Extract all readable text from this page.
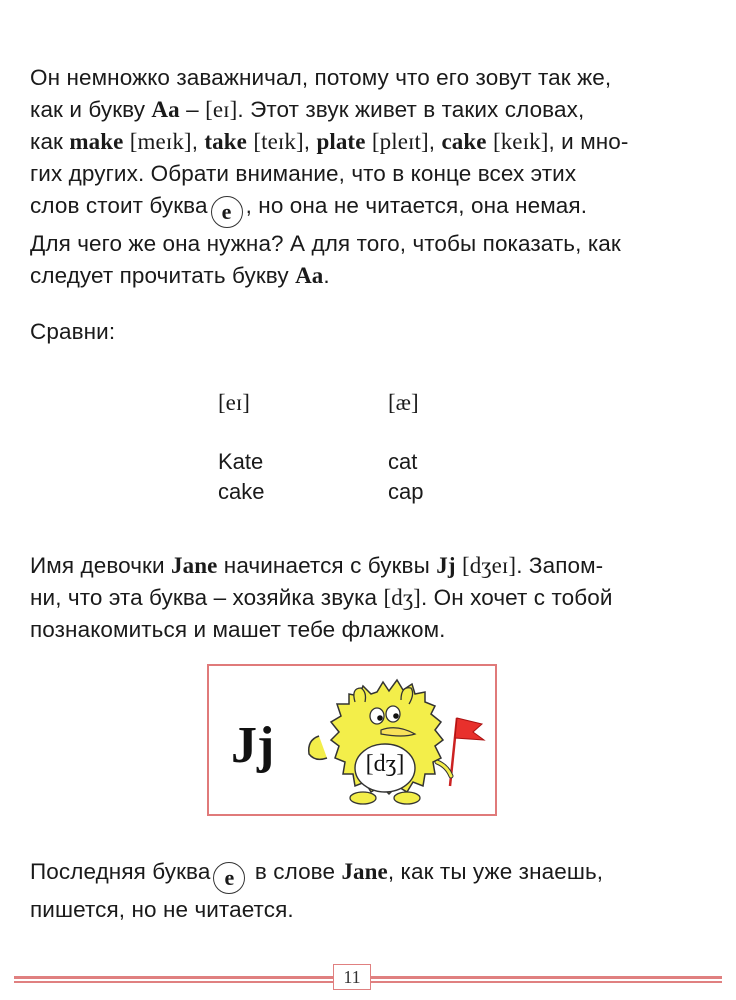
Он немножко заважничал, потому что его зовут так же,
как и букву Aa – [eɪ]. Этот звук живет в таких словах,
как make [meɪk], take [teɪk], plate [pleɪt], cake [keɪk], и мно-
гих других. Обрати внимание, что в конце всех этих
слов стоит буква e , но она не читается, она немая.
Для чего же она нужна? А для того, чтобы показать, как
следует прочитать букву Aa.
Сравни:
[eɪ]	[æ]
Kate
cake
cat
cap
Имя девочки Jane начинается с буквы Jj [dʒeɪ]. Запом-
ни, что эта буква – хозяйка звука [dʒ]. Он хочет с тобой
познакомиться и машет тебе флажком.
Jj	[dʒ]
Последняя буква e в слове Jane, как ты уже знаешь,
пишется, но не читается.
11
